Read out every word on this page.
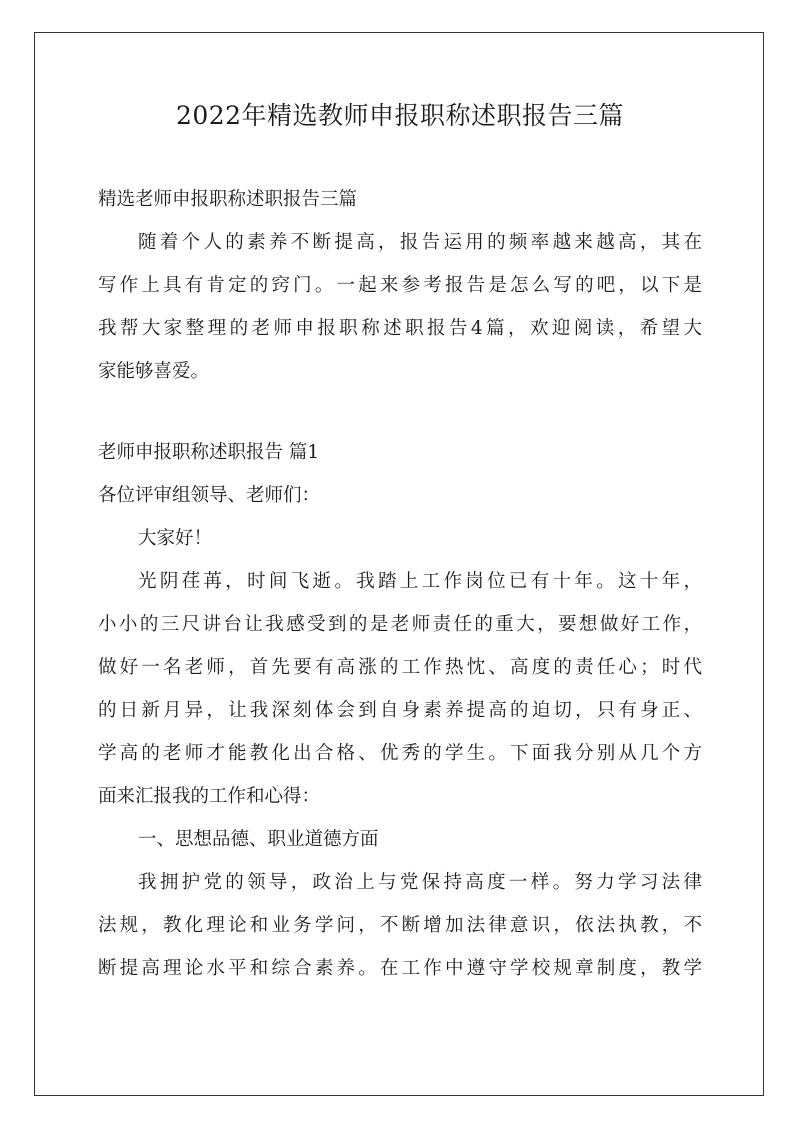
2022年精选教师申报职称述职报告三篇
精选老师申报职称述职报告三篇
随着个人的素养不断提高，报告运用的频率越来越高，其在
写作上具有肯定的窍门。一起来参考报告是怎么写的吧，以下是
我帮大家整理的老师申报职称述职报告4篇，欢迎阅读，希望大
家能够喜爱。
老师申报职称述职报告 篇1
各位评审组领导、老师们：
大家好！
光阴荏苒，时间飞逝。我踏上工作岗位已有十年。这十年，
小小的三尺讲台让我感受到的是老师责任的重大，要想做好工作，
做好一名老师，首先要有高涨的工作热忱、高度的责任心；时代
的日新月异，让我深刻体会到自身素养提高的迫切，只有身正、
学高的老师才能教化出合格、优秀的学生。下面我分别从几个方
面来汇报我的工作和心得：
一、思想品德、职业道德方面
我拥护党的领导，政治上与党保持高度一样。努力学习法律
法规，教化理论和业务学问，不断增加法律意识，依法执教，不
断提高理论水平和综合素养。在工作中遵守学校规章制度，教学
